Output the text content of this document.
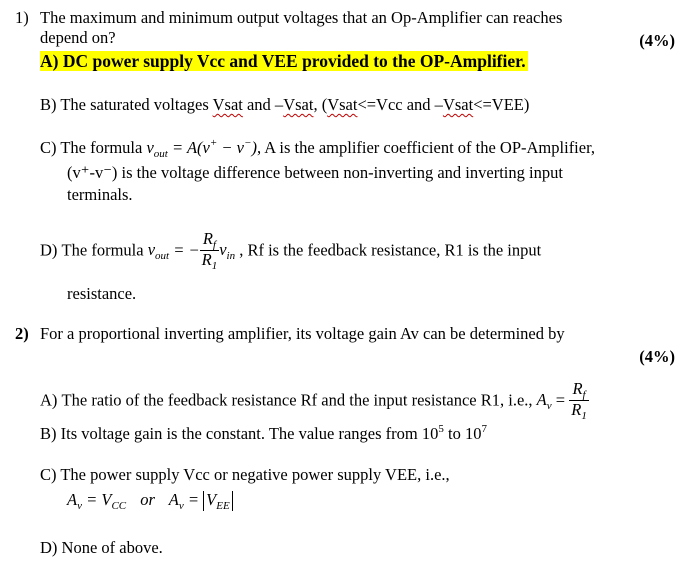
1) The maximum and minimum output voltages that an Op-Amplifier can reaches
depend on?	(4%)
A) DC power supply Vcc and VEE provided to the OP-Amplifier.
B) The saturated voltages Vsat and –Vsat, (Vsat<=Vcc and –Vsat<=VEE)
C) The formula $v_{out} = A(v^+ - v^-)$, A is the amplifier coefficient of the OP-Amplifier,
(v⁺-v⁻) is the voltage difference between non-inverting and inverting input
terminals.
D) The formula $v_{out}$ = − $\frac{R_f}{R_1} v_{in}$ , Rf is the feedback resistance, R1 is the input
resistance.
2) For a proportional inverting amplifier, its voltage gain Av can be determined by
(4%)
A) The ratio of the feedback resistance Rf and the input resistance R1, i.e., $A_v = \frac{R_f}{R_1}$
B) Its voltage gain is the constant. The value ranges from $10^5$ to $10^7$
C) The power supply Vcc or negative power supply VEE, i.e.,
$A_v = V_{CC}$ or $A_v = V_{EE}$
D) None of above.
